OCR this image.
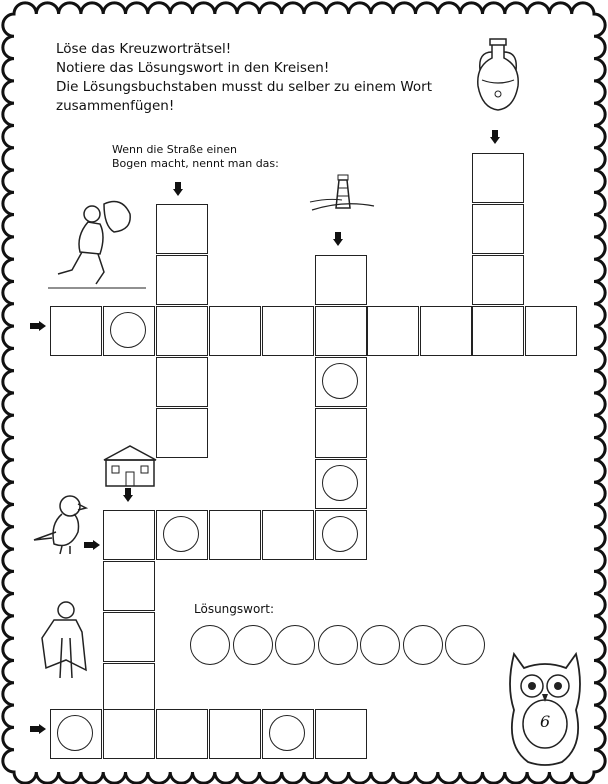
Löse das Kreuzworträtsel!
Notiere das Lösungswort in den Kreisen!
Die Lösungsbuchstaben musst du selber zu einem Wort
zusammenfügen!
Wenn die Straße einen
Bogen macht, nennt man das:
6
Lösungswort:
